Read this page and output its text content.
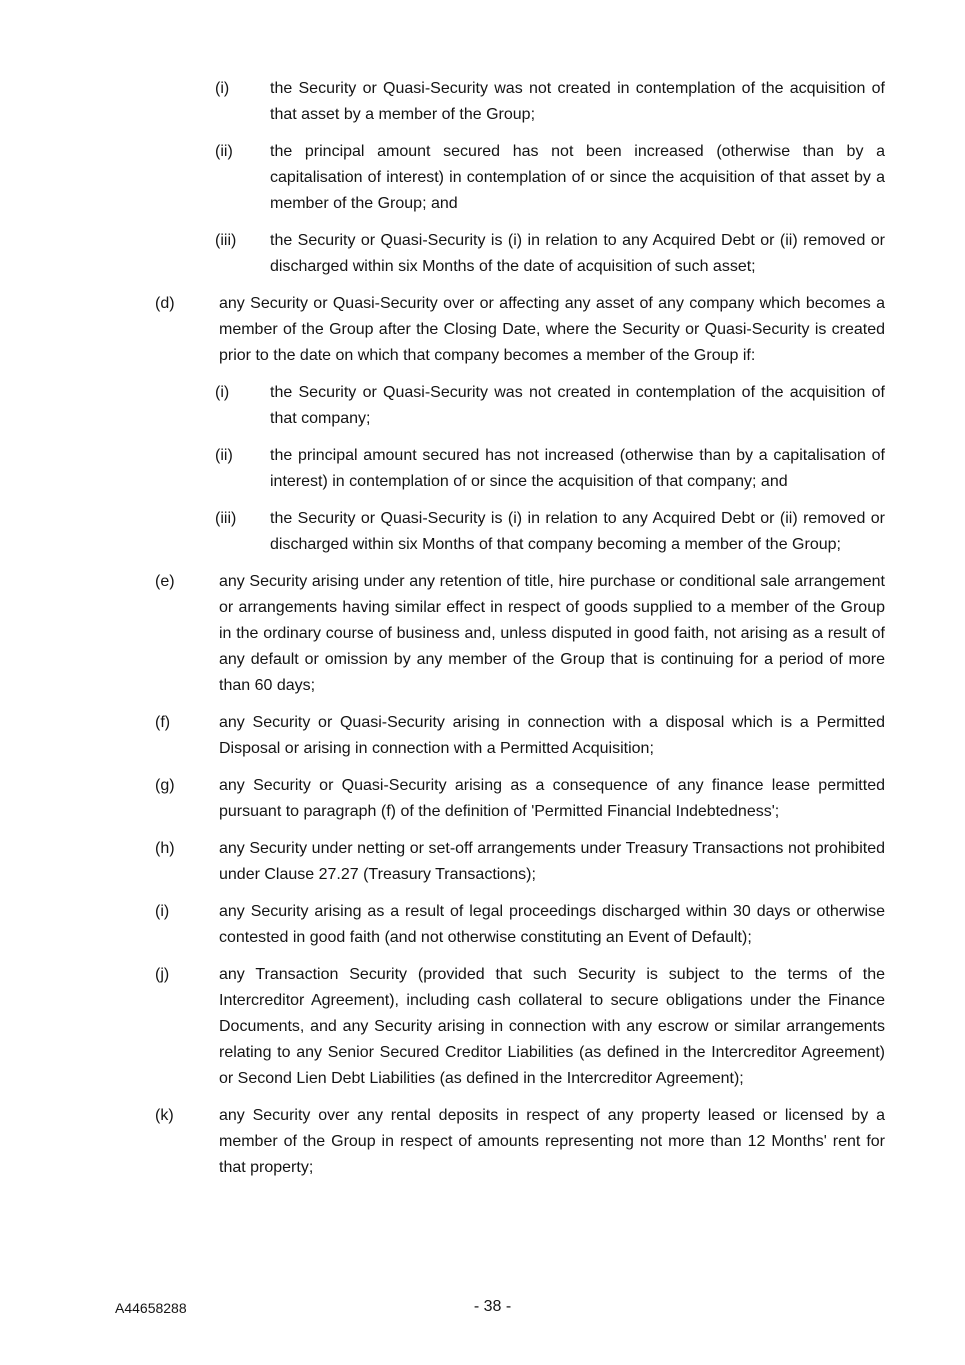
(i)	the Security or Quasi-Security was not created in contemplation of the acquisition of that asset by a member of the Group;
(ii) the principal amount secured has not been increased (otherwise than by a capitalisation of interest) in contemplation of or since the acquisition of that asset by a member of the Group; and
(iii) the Security or Quasi-Security is (i) in relation to any Acquired Debt or (ii) removed or discharged within six Months of the date of acquisition of such asset;
(d)	any Security or Quasi-Security over or affecting any asset of any company which becomes a member of the Group after the Closing Date, where the Security or Quasi-Security is created prior to the date on which that company becomes a member of the Group if:
(i)	the Security or Quasi-Security was not created in contemplation of the acquisition of that company;
(ii) the principal amount secured has not increased (otherwise than by a capitalisation of interest) in contemplation of or since the acquisition of that company; and
(iii) the Security or Quasi-Security is (i) in relation to any Acquired Debt or (ii) removed or discharged within six Months of that company becoming a member of the Group;
(e)	any Security arising under any retention of title, hire purchase or conditional sale arrangement or arrangements having similar effect in respect of goods supplied to a member of the Group in the ordinary course of business and, unless disputed in good faith, not arising as a result of any default or omission by any member of the Group that is continuing for a period of more than 60 days;
(f)	any Security or Quasi-Security arising in connection with a disposal which is a Permitted Disposal or arising in connection with a Permitted Acquisition;
(g)	any Security or Quasi-Security arising as a consequence of any finance lease permitted pursuant to paragraph (f) of the definition of 'Permitted Financial Indebtedness';
(h)	any Security under netting or set-off arrangements under Treasury Transactions not prohibited under Clause 27.27 (Treasury Transactions);
(i)	any Security arising as a result of legal proceedings discharged within 30 days or otherwise contested in good faith (and not otherwise constituting an Event of Default);
(j)	any Transaction Security (provided that such Security is subject to the terms of the Intercreditor Agreement), including cash collateral to secure obligations under the Finance Documents, and any Security arising in connection with any escrow or similar arrangements relating to any Senior Secured Creditor Liabilities (as defined in the Intercreditor Agreement) or Second Lien Debt Liabilities (as defined in the Intercreditor Agreement);
(k)	any Security over any rental deposits in respect of any property leased or licensed by a member of the Group in respect of amounts representing not more than 12 Months' rent for that property;
A44658288	- 38 -
